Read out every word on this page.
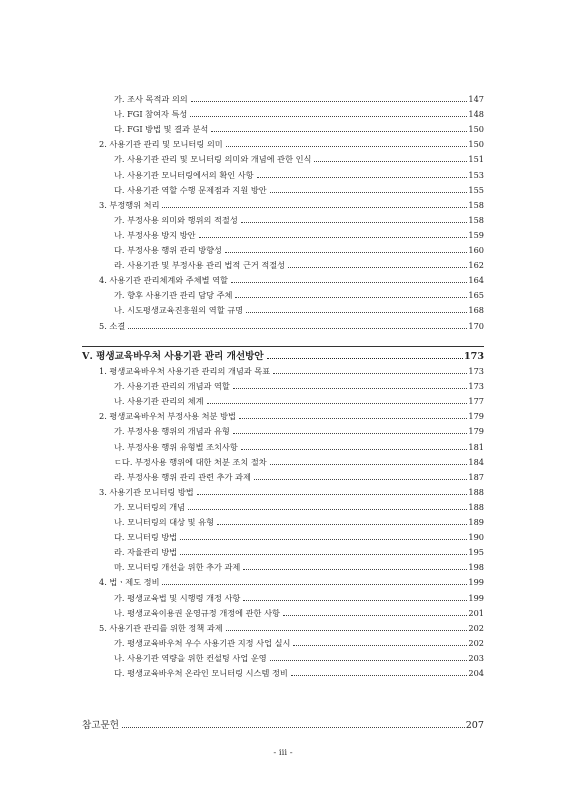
가. 조사 목적과 의의	147
나. FGI 참여자 특성	148
다. FGI 방법 및 결과 분석	150
2. 사용기관 관리 및 모니터링 의미	150
가. 사용기관 관리 및 모니터링 의미와 개념에 관한 인식	151
나. 사용기관 모니터링에서의 확인 사항	153
다. 사용기관 역할 수행 문제점과 지원 방안	155
3. 부정행위 처리	158
가. 부정사용 의미와 행위의 적절성	158
나. 부정사용 방지 방안	159
다. 부정사용 행위 관리 방향성	160
라. 사용기관 및 부정사용 관리 법적 근거 적절성	162
4. 사용기관 관리체계와 주체별 역할	164
가. 향후 사용기관 관리 담당 주체	165
나. 시도평생교육진흥원의 역할 규명	168
5. 소결	170
Ⅴ. 평생교육바우처 사용기관 관리 개선방안	173
1. 평생교육바우처 사용기관 관리의 개념과 목표	173
가. 사용기관 관리의 개념과 역할	173
나. 사용기관 관리의 체계	177
2. 평생교육바우처 부정사용 처분 방법	179
가. 부정사용 행위의 개념과 유형	179
나. 부정사용 행위 유형별 조치사항	181
ㄷ다. 부정사용 행위에 대한 처분 조치 절차	184
라. 부정사용 행위 관리 관련 추가 과제	187
3. 사용기관 모니터링 방법	188
가. 모니터링의 개념	188
나. 모니터링의 대상 및 유형	189
다. 모니터링 방법	190
라. 자율관리 방법	195
마. 모니터링 개선을 위한 추가 과제	198
4. 법ㆍ제도 정비	199
가. 평생교육법 및 시행령 개정 사항	199
나. 평생교육이용권 운영규정 개정에 관한 사항	201
5. 사용기관 관리를 위한 정책 과제	202
가. 평생교육바우처 우수 사용기관 지정 사업 실시	202
나. 사용기관 역량을 위한 컨설팅 사업 운영	203
다. 평생교육바우처 온라인 모니터링 시스템 정비	204
참고문헌	207
- iii -
